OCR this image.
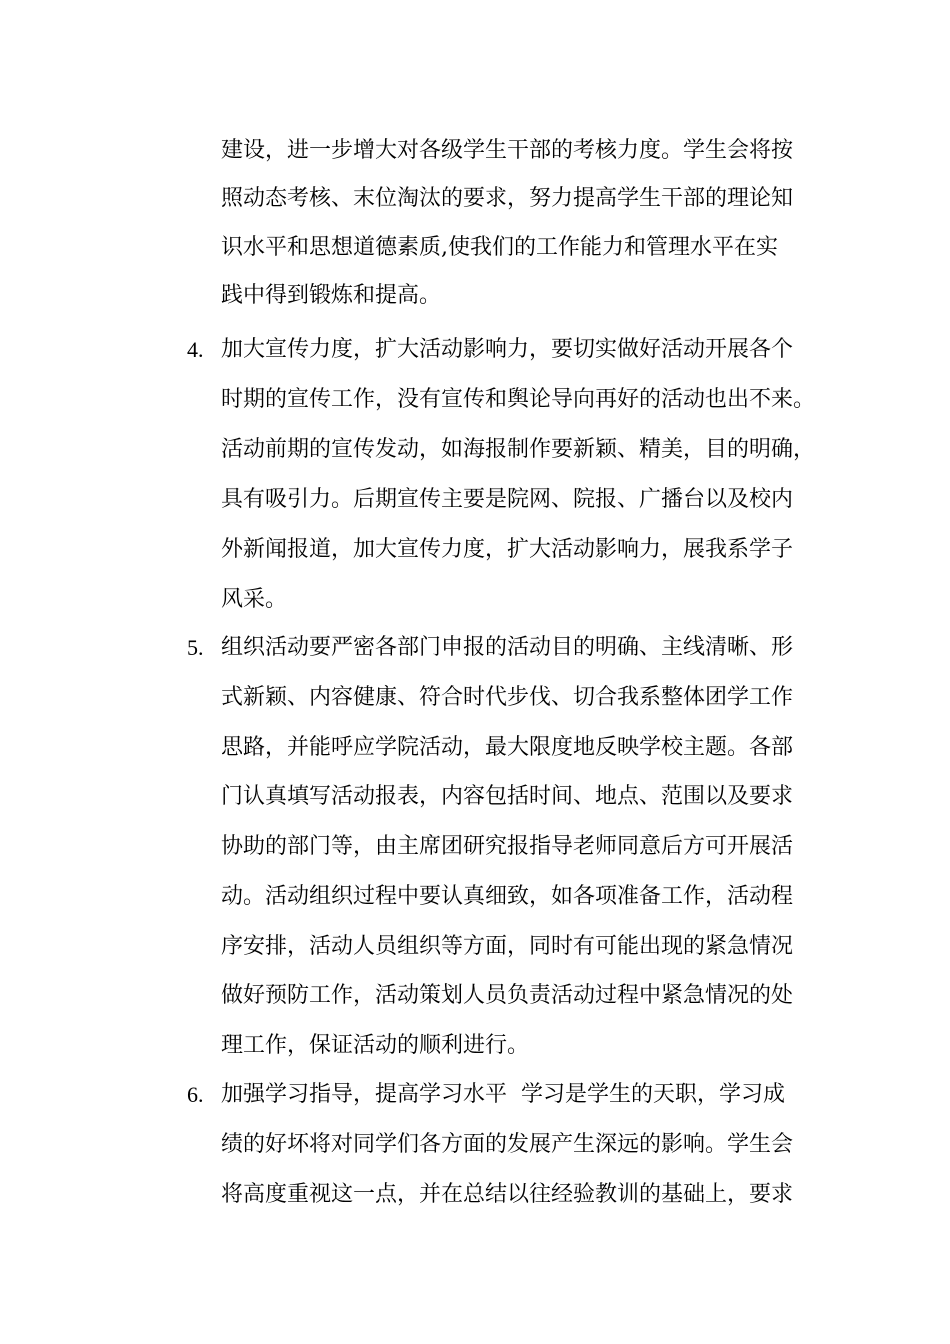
建设，进一步增大对各级学生干部的考核力度。学生会将按
照动态考核、末位淘汰的要求，努力提高学生干部的理论知
识水平和思想道德素质,使我们的工作能力和管理水平在实
践中得到锻炼和提高。
4. 加大宣传力度，扩大活动影响力，要切实做好活动开展各个
时期的宣传工作，没有宣传和舆论导向再好的活动也出不来。
活动前期的宣传发动，如海报制作要新颖、精美，目的明确，
具有吸引力。后期宣传主要是院网、院报、广播台以及校内
外新闻报道，加大宣传力度，扩大活动影响力，展我系学子
风采。
5. 组织活动要严密各部门申报的活动目的明确、主线清晰、形
式新颖、内容健康、符合时代步伐、切合我系整体团学工作
思路，并能呼应学院活动，最大限度地反映学校主题。各部
门认真填写活动报表，内容包括时间、地点、范围以及要求
协助的部门等，由主席团研究报指导老师同意后方可开展活
动。活动组织过程中要认真细致，如各项准备工作，活动程
序安排，活动人员组织等方面，同时有可能出现的紧急情况
做好预防工作，活动策划人员负责活动过程中紧急情况的处
理工作，保证活动的顺利进行。
6. 加强学习指导，提高学习水平  学习是学生的天职，学习成
绩的好坏将对同学们各方面的发展产生深远的影响。学生会
将高度重视这一点，并在总结以往经验教训的基础上，要求
